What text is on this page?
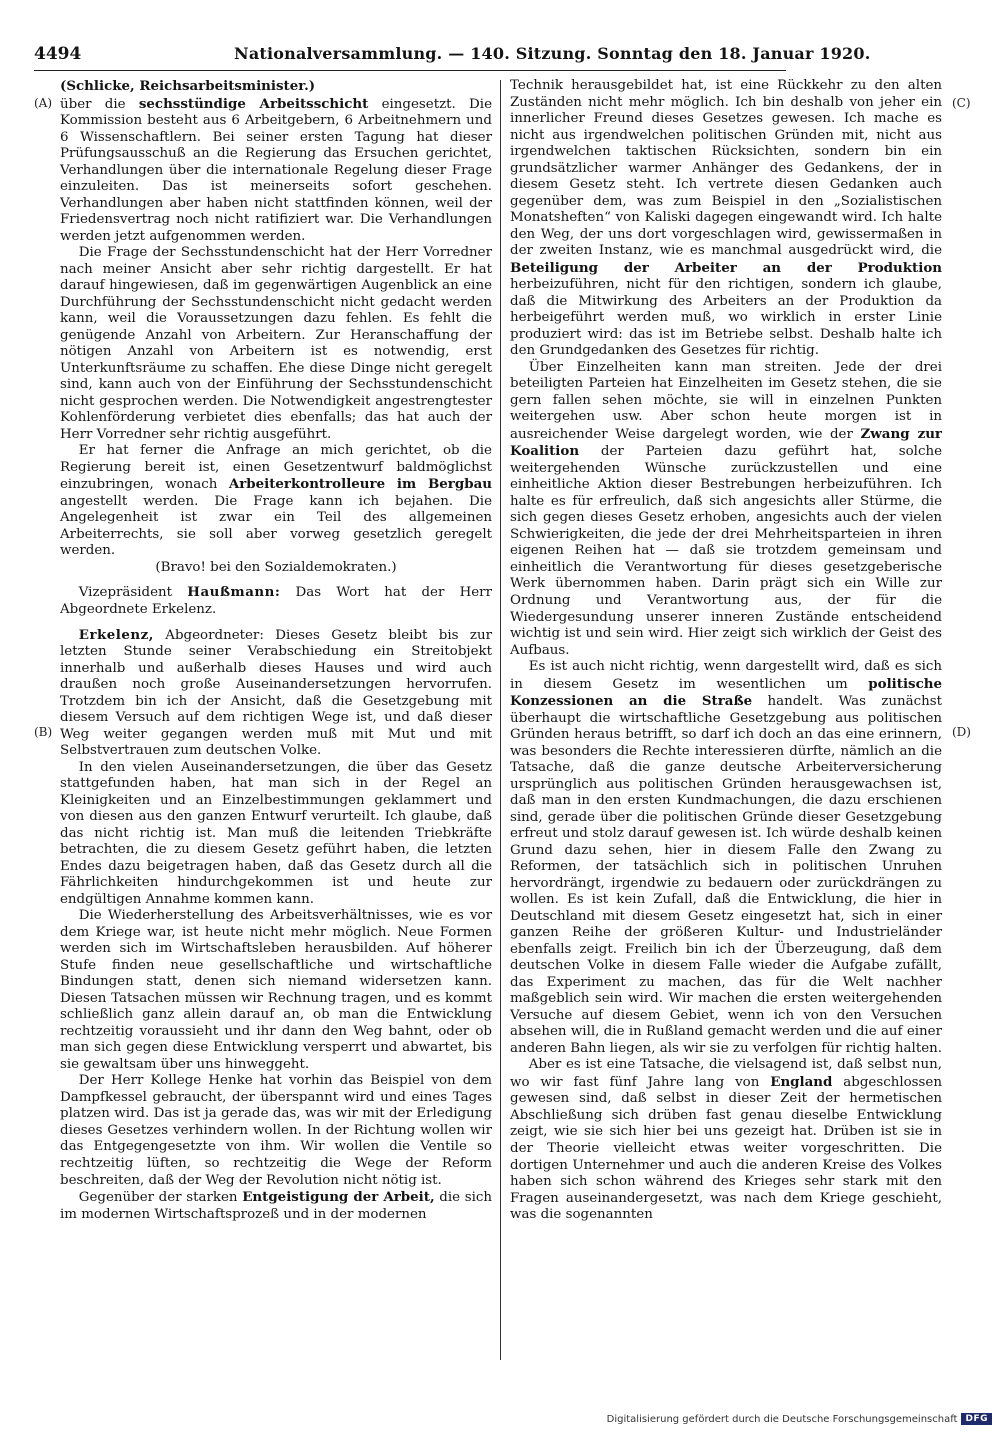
4494	Nationalversammlung. — 140. Sitzung. Sonntag den 18. Januar 1920.
(A)
(B)
(C)
(D)

(Schlicke, Reichsarbeitsminister.)

über die sechsstündige Arbeitsschicht eingesetzt. Die Kommission besteht aus 6 Arbeitgebern, 6 Arbeitnehmern und 6 Wissenschaftlern. Bei seiner ersten Tagung hat dieser Prüfungsausschuß an die Regierung das Ersuchen gerichtet, Verhandlungen über die internationale Regelung dieser Frage einzuleiten. Das ist meinerseits sofort geschehen. Verhandlungen aber haben nicht stattfinden können, weil der Friedensvertrag noch nicht ratifiziert war. Die Verhandlungen werden jetzt aufgenommen werden.

Die Frage der Sechsstundenschicht hat der Herr Vorredner nach meiner Ansicht aber sehr richtig dargestellt. Er hat darauf hingewiesen, daß im gegenwärtigen Augenblick an eine Durchführung der Sechsstundenschicht nicht gedacht werden kann, weil die Voraussetzungen dazu fehlen. Es fehlt die genügende Anzahl von Arbeitern. Zur Heranschaffung der nötigen Anzahl von Arbeitern ist es notwendig, erst Unterkunftsräume zu schaffen. Ehe diese Dinge nicht geregelt sind, kann auch von der Einführung der Sechsstundenschicht nicht gesprochen werden. Die Notwendigkeit angestrengtester Kohlenförderung verbietet dies ebenfalls; das hat auch der Herr Vorredner sehr richtig ausgeführt.

Er hat ferner die Anfrage an mich gerichtet, ob die Regierung bereit ist, einen Gesetzentwurf baldmöglichst einzubringen, wonach Arbeiterkontrolleure im Bergbau angestellt werden. Die Frage kann ich bejahen. Die Angelegenheit ist zwar ein Teil des allgemeinen Arbeiterrechts, sie soll aber vorweg gesetzlich geregelt werden.

(Bravo! bei den Sozialdemokraten.)

Vizepräsident Haußmann: Das Wort hat der Herr Abgeordnete Erkelenz.

Erkelenz, Abgeordneter: Dieses Gesetz bleibt bis zur letzten Stunde seiner Verabschiedung ein Streitobjekt innerhalb und außerhalb dieses Hauses und wird auch draußen noch große Auseinandersetzungen hervorrufen. Trotzdem bin ich der Ansicht, daß die Gesetzgebung mit diesem Versuch auf dem richtigen Wege ist, und daß dieser Weg weiter gegangen werden muß mit Mut und mit Selbstvertrauen zum deutschen Volke.

In den vielen Auseinandersetzungen, die über das Gesetz stattgefunden haben, hat man sich in der Regel an Kleinigkeiten und an Einzelbestimmungen geklammert und von diesen aus den ganzen Entwurf verurteilt. Ich glaube, daß das nicht richtig ist. Man muß die leitenden Triebkräfte betrachten, die zu diesem Gesetz geführt haben, die letzten Endes dazu beigetragen haben, daß das Gesetz durch all die Fährlichkeiten hindurchgekommen ist und heute zur endgültigen Annahme kommen kann.

Die Wiederherstellung des Arbeitsverhältnisses, wie es vor dem Kriege war, ist heute nicht mehr möglich. Neue Formen werden sich im Wirtschaftsleben herausbilden. Auf höherer Stufe finden neue gesellschaftliche und wirtschaftliche Bindungen statt, denen sich niemand widersetzen kann. Diesen Tatsachen müssen wir Rechnung tragen, und es kommt schließlich ganz allein darauf an, ob man die Entwicklung rechtzeitig voraussieht und ihr dann den Weg bahnt, oder ob man sich gegen diese Entwicklung versperrt und abwartet, bis sie gewaltsam über uns hinweggeht.

Der Herr Kollege Henke hat vorhin das Beispiel von dem Dampfkessel gebraucht, der überspannt wird und eines Tages platzen wird. Das ist ja gerade das, was wir mit der Erledigung dieses Gesetzes verhindern wollen. In der Richtung wollen wir das Entgegengesetzte von ihm. Wir wollen die Ventile so rechtzeitig lüften, so rechtzeitig die Wege der Reform beschreiten, daß der Weg der Revolution nicht nötig ist.

Gegenüber der starken Entgeistigung der Arbeit, die sich im modernen Wirtschaftsprozeß und in der modernen

Technik herausgebildet hat, ist eine Rückkehr zu den alten Zuständen nicht mehr möglich. Ich bin deshalb von jeher ein innerlicher Freund dieses Gesetzes gewesen. Ich mache es nicht aus irgendwelchen politischen Gründen mit, nicht aus irgendwelchen taktischen Rücksichten, sondern bin ein grundsätzlicher warmer Anhänger des Gedankens, der in diesem Gesetz steht. Ich vertrete diesen Gedanken auch gegenüber dem, was zum Beispiel in den „Sozialistischen Monatsheften“ von Kaliski dagegen eingewandt wird. Ich halte den Weg, der uns dort vorgeschlagen wird, gewissermaßen in der zweiten Instanz, wie es manchmal ausgedrückt wird, die Beteiligung der Arbeiter an der Produktion herbeizuführen, nicht für den richtigen, sondern ich glaube, daß die Mitwirkung des Arbeiters an der Produktion da herbeigeführt werden muß, wo wirklich in erster Linie produziert wird: das ist im Betriebe selbst. Deshalb halte ich den Grundgedanken des Gesetzes für richtig.

Über Einzelheiten kann man streiten. Jede der drei beteiligten Parteien hat Einzelheiten im Gesetz stehen, die sie gern fallen sehen möchte, sie will in einzelnen Punkten weitergehen usw. Aber schon heute morgen ist in ausreichender Weise dargelegt worden, wie der Zwang zur Koalition der Parteien dazu geführt hat, solche weitergehenden Wünsche zurückzustellen und eine einheitliche Aktion dieser Bestrebungen herbeizuführen. Ich halte es für erfreulich, daß sich angesichts aller Stürme, die sich gegen dieses Gesetz erhoben, angesichts auch der vielen Schwierigkeiten, die jede der drei Mehrheitsparteien in ihren eigenen Reihen hat — daß sie trotzdem gemeinsam und einheitlich die Verantwortung für dieses gesetzgeberische Werk übernommen haben. Darin prägt sich ein Wille zur Ordnung und Verantwortung aus, der für die Wiedergesundung unserer inneren Zustände entscheidend wichtig ist und sein wird. Hier zeigt sich wirklich der Geist des Aufbaus.

Es ist auch nicht richtig, wenn dargestellt wird, daß es sich in diesem Gesetz im wesentlichen um politische Konzessionen an die Straße handelt. Was zunächst überhaupt die wirtschaftliche Gesetzgebung aus politischen Gründen heraus betrifft, so darf ich doch an das eine erinnern, was besonders die Rechte interessieren dürfte, nämlich an die Tatsache, daß die ganze deutsche Arbeiterversicherung ursprünglich aus politischen Gründen herausgewachsen ist, daß man in den ersten Kundmachungen, die dazu erschienen sind, gerade über die politischen Gründe dieser Gesetzgebung erfreut und stolz darauf gewesen ist. Ich würde deshalb keinen Grund dazu sehen, hier in diesem Falle den Zwang zu Reformen, der tatsächlich sich in politischen Unruhen hervordrängt, irgendwie zu bedauern oder zurückdrängen zu wollen. Es ist kein Zufall, daß die Entwicklung, die hier in Deutschland mit diesem Gesetz eingesetzt hat, sich in einer ganzen Reihe der größeren Kultur- und Industrieländer ebenfalls zeigt. Freilich bin ich der Überzeugung, daß dem deutschen Volke in diesem Falle wieder die Aufgabe zufällt, das Experiment zu machen, das für die Welt nachher maßgeblich sein wird. Wir machen die ersten weitergehenden Versuche auf diesem Gebiet, wenn ich von den Versuchen absehen will, die in Rußland gemacht werden und die auf einer anderen Bahn liegen, als wir sie zu verfolgen für richtig halten.

Aber es ist eine Tatsache, die vielsagend ist, daß selbst nun, wo wir fast fünf Jahre lang von England abgeschlossen gewesen sind, daß selbst in dieser Zeit der hermetischen Abschließung sich drüben fast genau dieselbe Entwicklung zeigt, wie sie sich hier bei uns gezeigt hat. Drüben ist sie in der Theorie vielleicht etwas weiter vorgeschritten. Die dortigen Unternehmer und auch die anderen Kreise des Volkes haben sich schon während des Krieges sehr stark mit den Fragen auseinandergesetzt, was nach dem Kriege geschieht, was die sogenannten

Digitalisierung gefördert durch die Deutsche Forschungsgemeinschaft DFG
